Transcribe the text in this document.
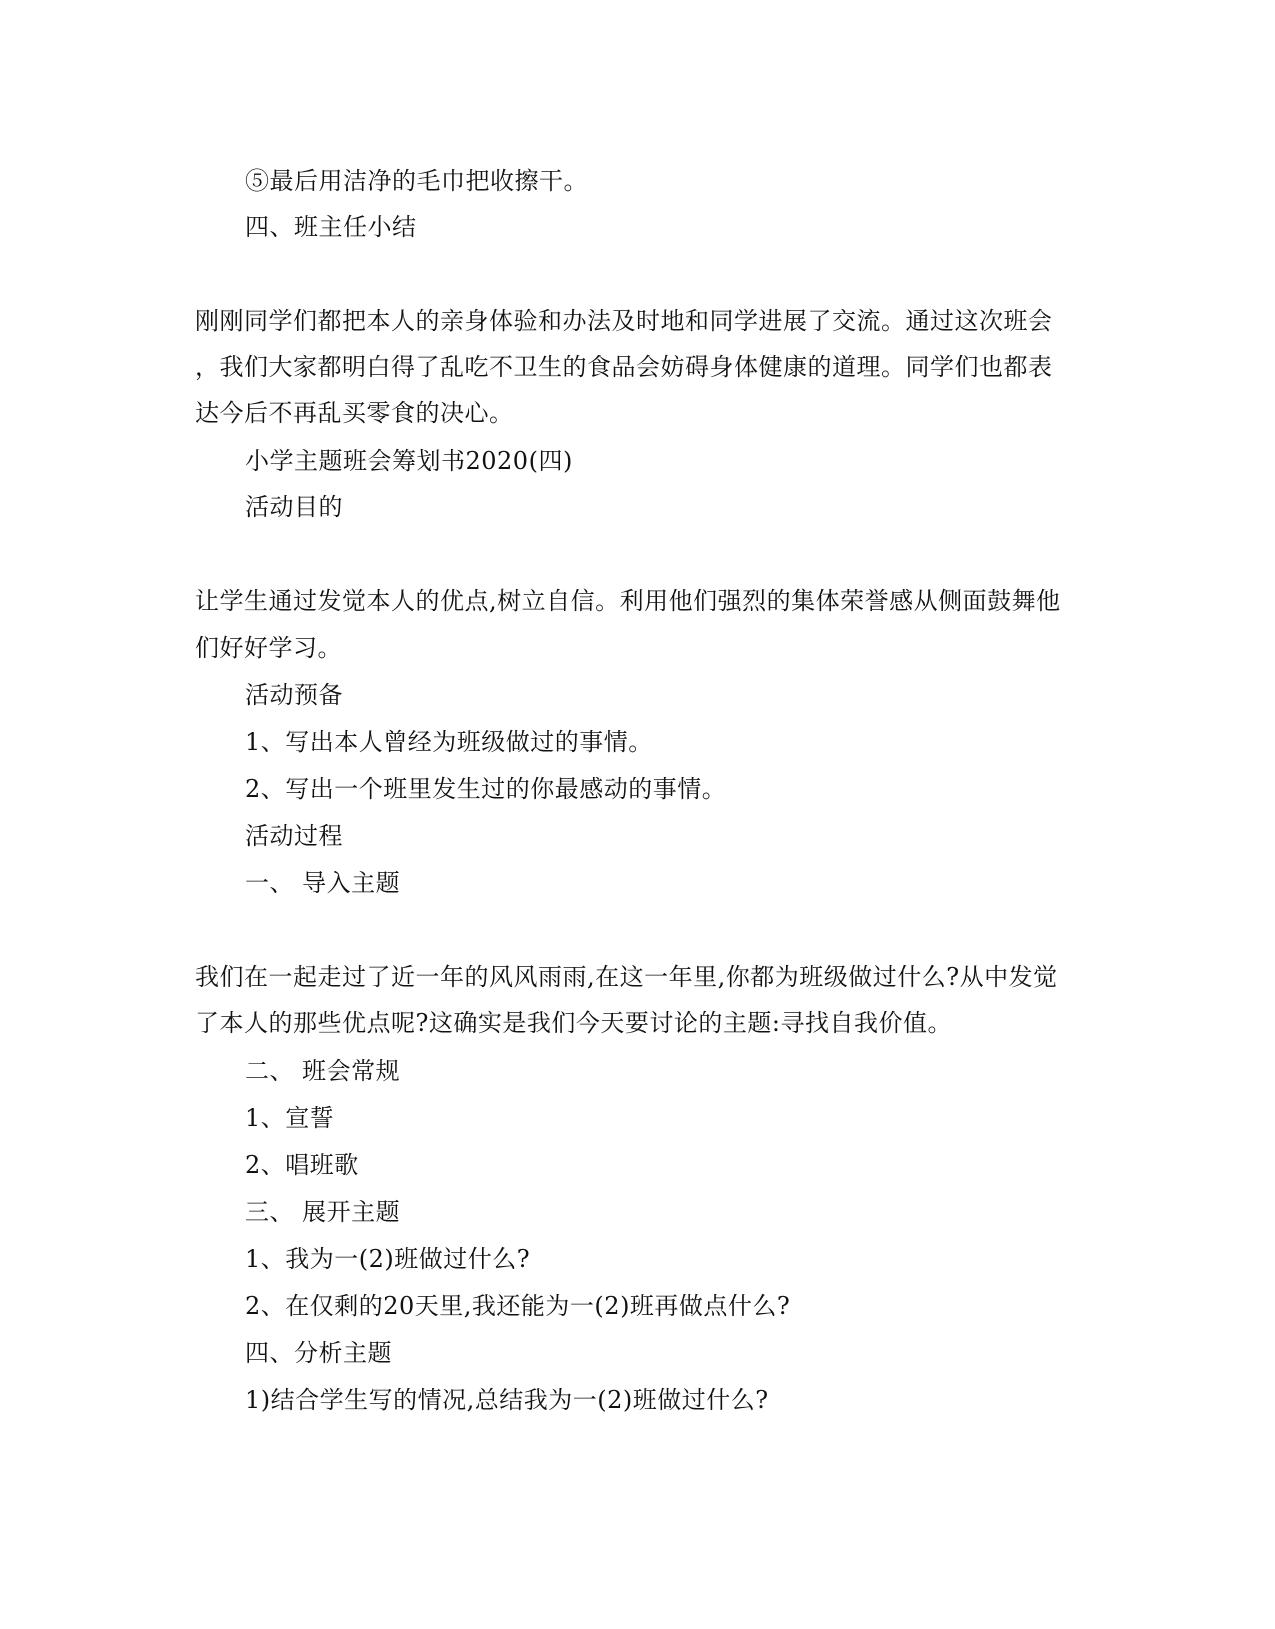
⑤最后用洁净的毛巾把收擦干。
四、班主任小结
刚刚同学们都把本人的亲身体验和办法及时地和同学进展了交流。通过这次班会
，我们大家都明白得了乱吃不卫生的食品会妨碍身体健康的道理。同学们也都表
达今后不再乱买零食的决心。
小学主题班会筹划书2020(四)
活动目的
让学生通过发觉本人的优点,树立自信。利用他们强烈的集体荣誉感从侧面鼓舞他
们好好学习。
活动预备
1、写出本人曾经为班级做过的事情。
2、写出一个班里发生过的你最感动的事情。
活动过程
一、 导入主题
我们在一起走过了近一年的风风雨雨,在这一年里,你都为班级做过什么?从中发觉
了本人的那些优点呢?这确实是我们今天要讨论的主题:寻找自我价值。
二、 班会常规
1、宣誓
2、唱班歌
三、 展开主题
1、我为一(2)班做过什么?
2、在仅剩的20天里,我还能为一(2)班再做点什么?
四、分析主题
1)结合学生写的情况,总结我为一(2)班做过什么?
